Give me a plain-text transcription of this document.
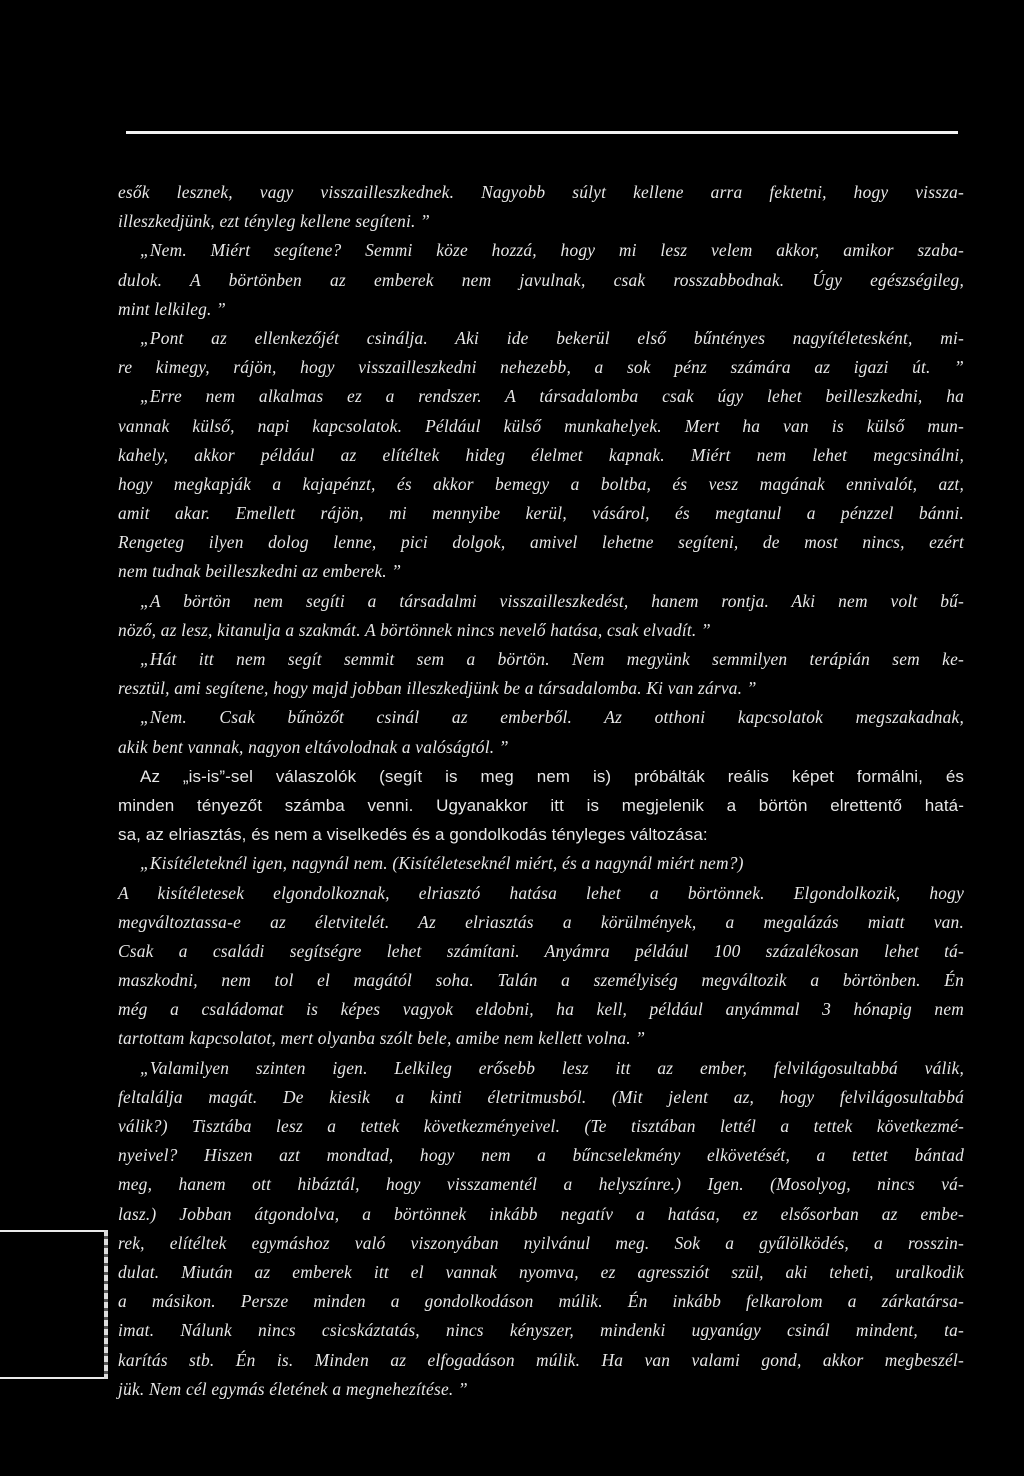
esők lesznek, vagy visszailleszkednek. Nagyobb súlyt kellene arra fektetni, hogy vissza-
illeszkedjünk, ezt tényleg kellene segíteni. ”
„Nem. Miért segítene? Semmi köze hozzá, hogy mi lesz velem akkor, amikor szaba-
dulok. A börtönben az emberek nem javulnak, csak rosszabbodnak. Úgy egészségileg,
mint lelkileg. ”
„Pont az ellenkezőjét csinálja. Aki ide bekerül első bűntényes nagyítéletesként, mi-
re kimegy, rájön, hogy visszailleszkedni nehezebb, a sok pénz számára az igazi út. ”
„Erre nem alkalmas ez a rendszer. A társadalomba csak úgy lehet beilleszkedni, ha
vannak külső, napi kapcsolatok. Például külső munkahelyek. Mert ha van is külső mun-
kahely, akkor például az elítéltek hideg élelmet kapnak. Miért nem lehet megcsinálni,
hogy megkapják a kajapénzt, és akkor bemegy a boltba, és vesz magának ennivalót, azt,
amit akar. Emellett rájön, mi mennyibe kerül, vásárol, és megtanul a pénzzel bánni.
Rengeteg ilyen dolog lenne, pici dolgok, amivel lehetne segíteni, de most nincs, ezért
nem tudnak beilleszkedni az emberek. ”
„A börtön nem segíti a társadalmi visszailleszkedést, hanem rontja. Aki nem volt bű-
nöző, az lesz, kitanulja a szakmát. A börtönnek nincs nevelő hatása, csak elvadít. ”
„Hát itt nem segít semmit sem a börtön. Nem megyünk semmilyen terápián sem ke-
resztül, ami segítene, hogy majd jobban illeszkedjünk be a társadalomba. Ki van zárva. ”
„Nem. Csak bűnözőt csinál az emberből. Az otthoni kapcsolatok megszakadnak,
akik bent vannak, nagyon eltávolodnak a valóságtól. ”
Az „is-is”-sel válaszolók (segít is meg nem is) próbálták reális képet formálni, és
minden tényezőt számba venni. Ugyanakkor itt is megjelenik a börtön elrettentő hatá-
sa, az elriasztás, és nem a viselkedés és a gondolkodás tényleges változása:
„Kisítéleteknél igen, nagynál nem. (Kisítéleteseknél miért, és a nagynál miért nem?)
A kisítéletesek elgondolkoznak, elriasztó hatása lehet a börtönnek. Elgondolkozik, hogy
megváltoztassa-e az életvitelét. Az elriasztás a körülmények, a megalázás miatt van.
Csak a családi segítségre lehet számítani. Anyámra például 100 százalékosan lehet tá-
maszkodni, nem tol el magától soha. Talán a személyiség megváltozik a börtönben. Én
még a családomat is képes vagyok eldobni, ha kell, például anyámmal 3 hónapig nem
tartottam kapcsolatot, mert olyanba szólt bele, amibe nem kellett volna. ”
„Valamilyen szinten igen. Lelkileg erősebb lesz itt az ember, felvilágosultabbá válik,
feltalálja magát. De kiesik a kinti életritmusból. (Mit jelent az, hogy felvilágosultabbá
válik?) Tisztába lesz a tettek következményeivel. (Te tisztában lettél a tettek következmé-
nyeivel? Hiszen azt mondtad, hogy nem a bűncselekmény elkövetését, a tettet bántad
meg, hanem ott hibáztál, hogy visszamentél a helyszínre.) Igen. (Mosolyog, nincs vá-
lasz.) Jobban átgondolva, a börtönnek inkább negatív a hatása, ez elsősorban az embe-
rek, elítéltek egymáshoz való viszonyában nyilvánul meg. Sok a gyűlölködés, a rosszin-
dulat. Miután az emberek itt el vannak nyomva, ez agressziót szül, aki teheti, uralkodik
a másikon. Persze minden a gondolkodáson múlik. Én inkább felkarolom a zárkatársa-
imat. Nálunk nincs csicskáztatás, nincs kényszer, mindenki ugyanúgy csinál mindent, ta-
karítás stb. Én is. Minden az elfogadáson múlik. Ha van valami gond, akkor megbeszél-
jük. Nem cél egymás életének a megnehezítése. ”
